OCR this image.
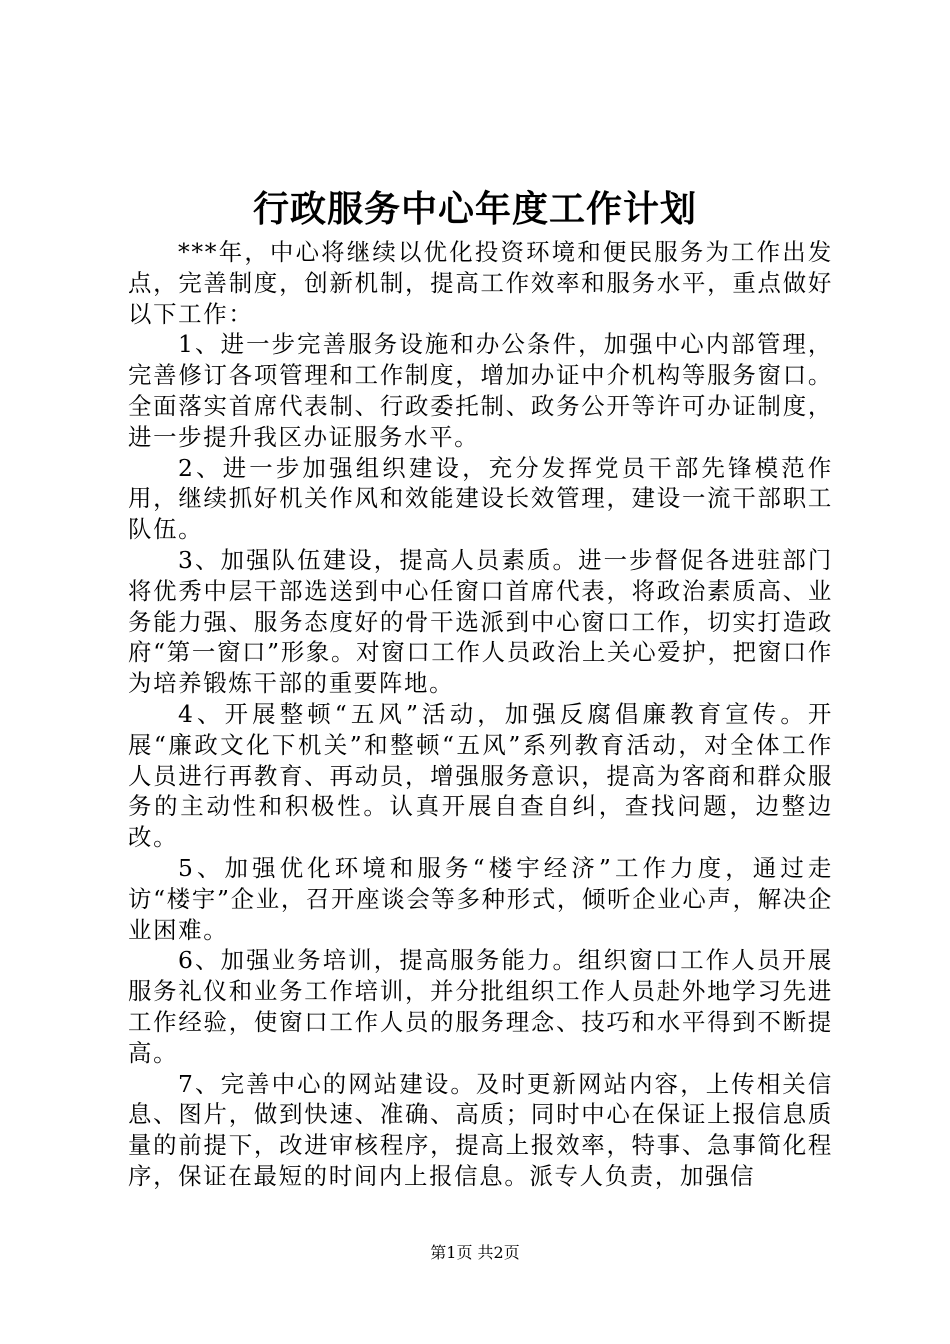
行政服务中心年度工作计划

***年，中心将继续以优化投资环境和便民服务为工作出发点，完善制度，创新机制，提高工作效率和服务水平，重点做好以下工作：

1、进一步完善服务设施和办公条件，加强中心内部管理，完善修订各项管理和工作制度，增加办证中介机构等服务窗口。全面落实首席代表制、行政委托制、政务公开等许可办证制度，进一步提升我区办证服务水平。

2、进一步加强组织建设，充分发挥党员干部先锋模范作用，继续抓好机关作风和效能建设长效管理，建设一流干部职工队伍。

3、加强队伍建设，提高人员素质。进一步督促各进驻部门将优秀中层干部选送到中心任窗口首席代表，将政治素质高、业务能力强、服务态度好的骨干选派到中心窗口工作，切实打造政府“第一窗口”形象。对窗口工作人员政治上关心爱护，把窗口作为培养锻炼干部的重要阵地。

4、开展整顿“五风”活动，加强反腐倡廉教育宣传。开展“廉政文化下机关”和整顿“五风”系列教育活动，对全体工作人员进行再教育、再动员，增强服务意识，提高为客商和群众服务的主动性和积极性。认真开展自查自纠，查找问题，边整边改。

5、加强优化环境和服务“楼宇经济”工作力度，通过走访“楼宇”企业，召开座谈会等多种形式，倾听企业心声，解决企业困难。

6、加强业务培训，提高服务能力。组织窗口工作人员开展服务礼仪和业务工作培训，并分批组织工作人员赴外地学习先进工作经验，使窗口工作人员的服务理念、技巧和水平得到不断提高。

7、完善中心的网站建设。及时更新网站内容，上传相关信息、图片，做到快速、准确、高质；同时中心在保证上报信息质量的前提下，改进审核程序，提高上报效率，特事、急事简化程序，保证在最短的时间内上报信息。派专人负责，加强信

第1页 共2页
